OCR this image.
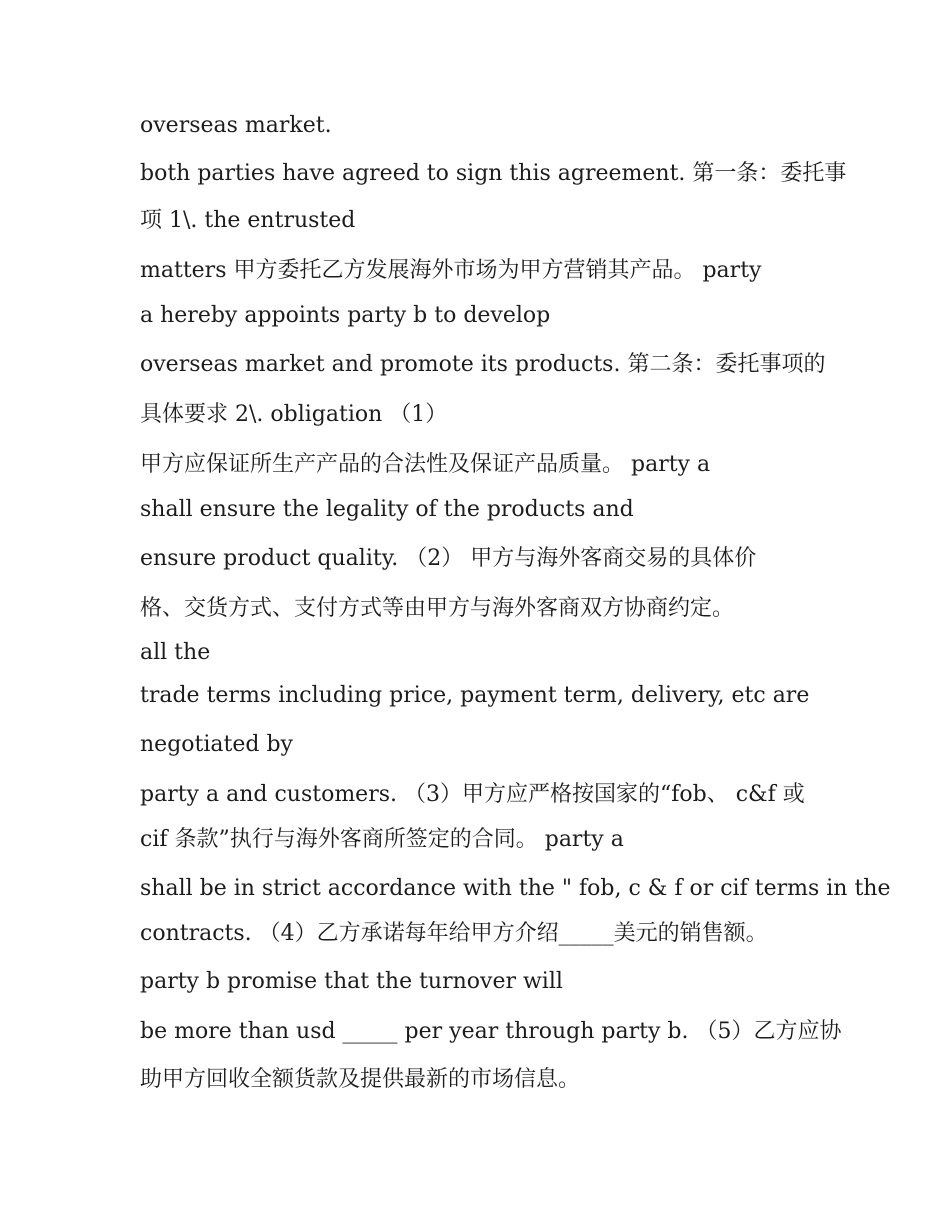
overseas market.

both parties have agreed to sign this agreement. 第一条：委托事

项 1\. the entrusted

matters 甲方委托乙方发展海外市场为甲方营销其产品。 party

a hereby appoints party b to develop

overseas market and promote its products. 第二条：委托事项的

具体要求 2\. obligation （1）

甲方应保证所生产产品的合法性及保证产品质量。 party a

shall ensure the legality of the products and

ensure product quality. （2） 甲方与海外客商交易的具体价

格、交货方式、支付方式等由甲方与海外客商双方协商约定。

all the

trade terms including price, payment term, delivery, etc are

negotiated by

party a and customers. （3）甲方应严格按国家的“fob、 c&f 或

cif 条款”执行与海外客商所签定的合同。 party a

shall be in strict accordance with the " fob, c & f or cif terms in the

contracts. （4）乙方承诺每年给甲方介绍_____美元的销售额。

party b promise that the turnover will

be more than usd _____ per year through party b. （5）乙方应协

助甲方回收全额货款及提供最新的市场信息。
